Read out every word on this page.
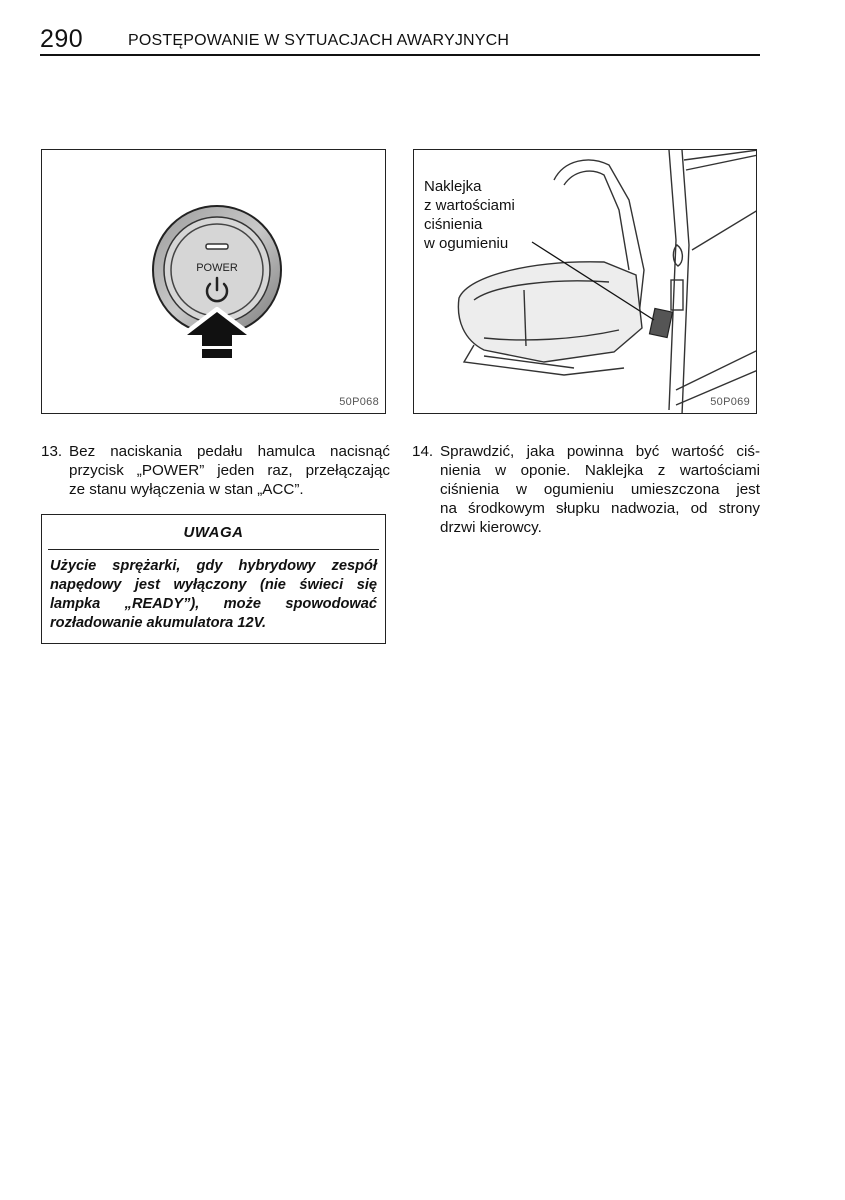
290	POSTĘPOWANIE W SYTUACJACH AWARYJNYCH
POWER
50P068
Naklejka
z wartościami
ciśnienia
w ogumieniu
50P069
13. Bez naciskania pedału hamulca nacisnąć
przycisk „POWER” jeden raz, przełączając
ze stanu wyłączenia w stan „ACC”.
14. Sprawdzić, jaka powinna być wartość ciś-
nienia w oponie. Naklejka z wartościami
ciśnienia w ogumieniu umieszczona jest
na środkowym słupku nadwozia, od strony
drzwi kierowcy.
UWAGA
Użycie sprężarki, gdy hybrydowy zespół
napędowy jest wyłączony (nie świeci się
lampka „READY”), może spowodować
rozładowanie akumulatora 12V.
